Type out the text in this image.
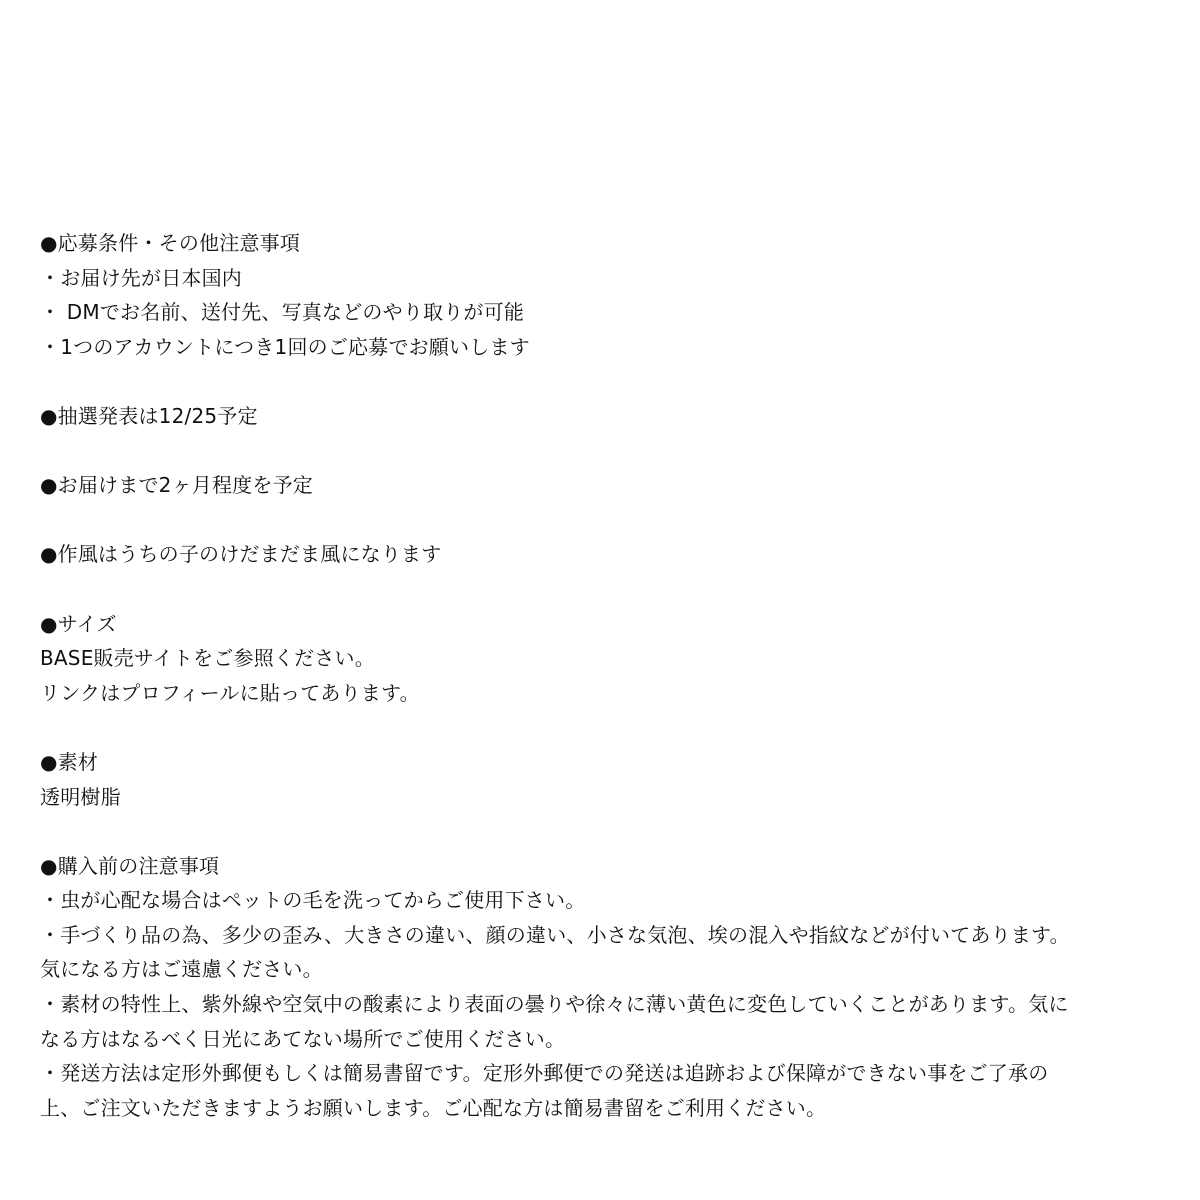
●応募条件・その他注意事項
・お届け先が日本国内
・ DMでお名前、送付先、写真などのやり取りが可能
・1つのアカウントにつき1回のご応募でお願いします
●抽選発表は12/25予定
●お届けまで2ヶ月程度を予定
●作風はうちの子のけだまだま風になります
●サイズ
BASE販売サイトをご参照ください。
リンクはプロフィールに貼ってあります。
●素材
透明樹脂
●購入前の注意事項
・虫が心配な場合はペットの毛を洗ってからご使用下さい。
・手づくり品の為、多少の歪み、大きさの違い、顔の違い、小さな気泡、埃の混入や指紋などが付いてあります。
気になる方はご遠慮ください。
・素材の特性上、紫外線や空気中の酸素により表面の曇りや徐々に薄い黄色に変色していくことがあります。気に
なる方はなるべく日光にあてない場所でご使用ください。
・発送方法は定形外郵便もしくは簡易書留です。定形外郵便での発送は追跡および保障ができない事をご了承の
上、ご注文いただきますようお願いします。ご心配な方は簡易書留をご利用ください。
